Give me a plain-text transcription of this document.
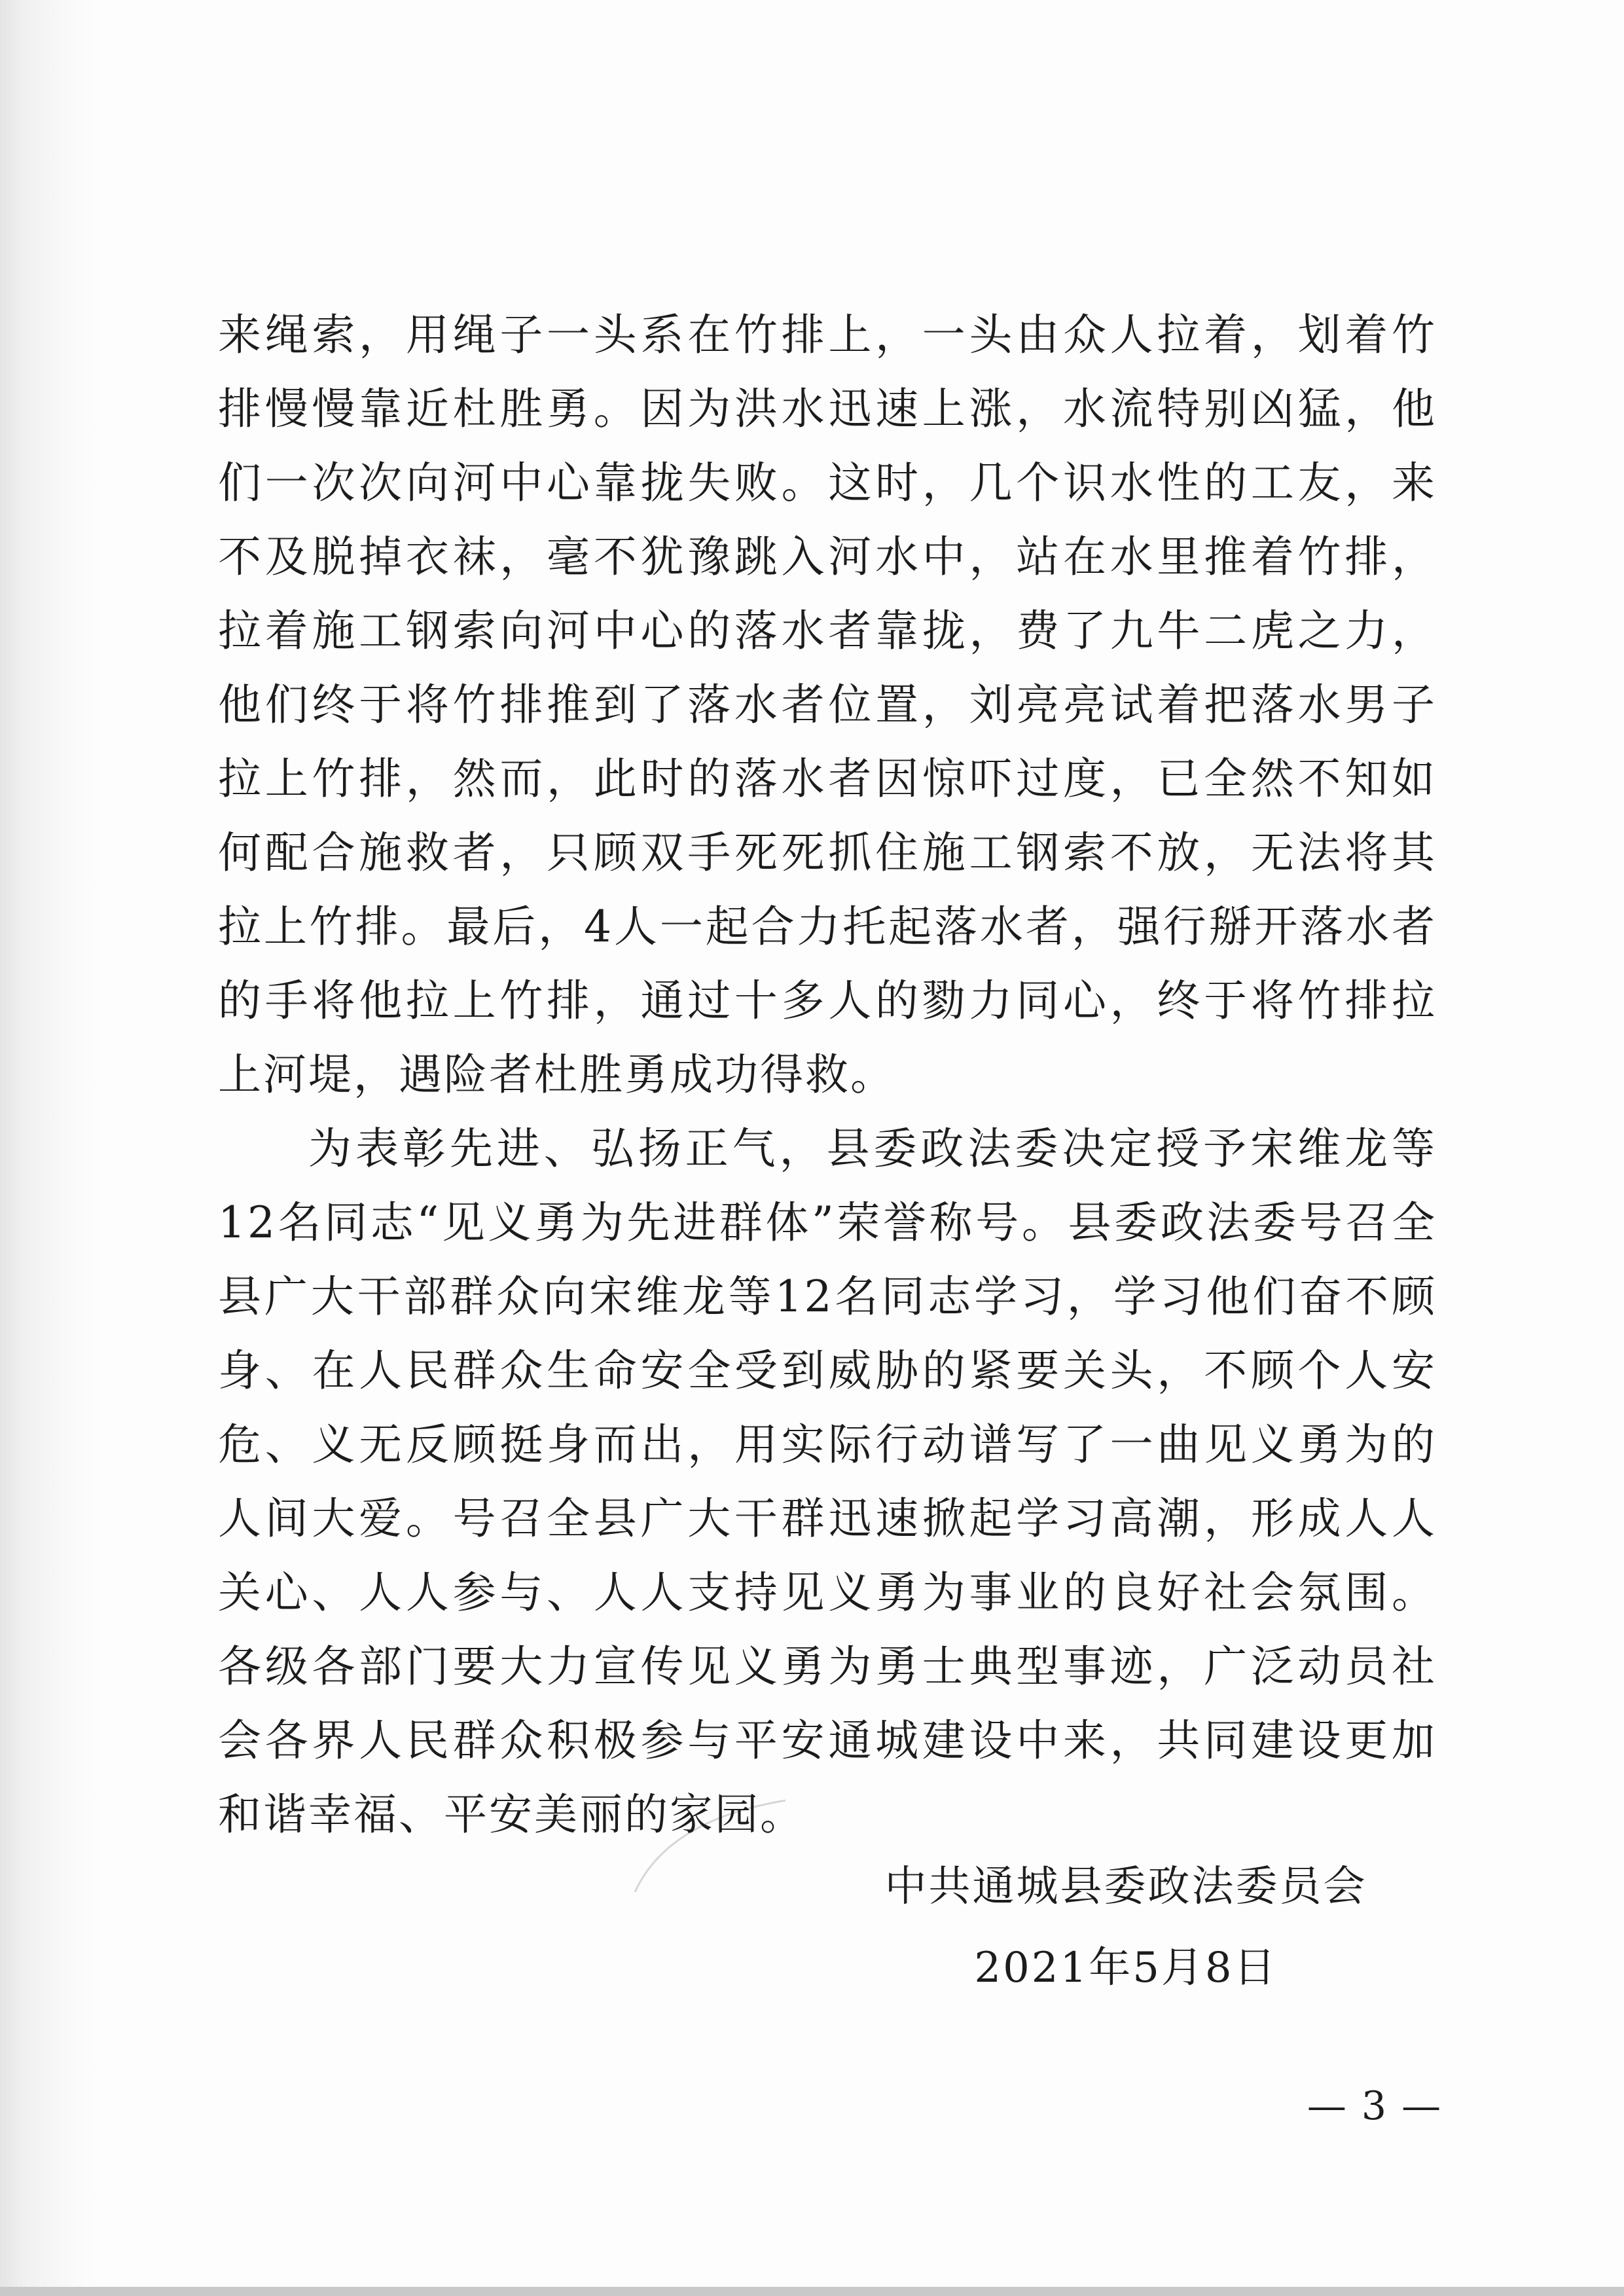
来绳索，用绳子一头系在竹排上，一头由众人拉着，划着竹排慢慢靠近杜胜勇。因为洪水迅速上涨，水流特别凶猛，他们一次次向河中心靠拢失败。这时，几个识水性的工友，来不及脱掉衣袜，毫不犹豫跳入河水中，站在水里推着竹排，拉着施工钢索向河中心的落水者靠拢，费了九牛二虎之力，他们终于将竹排推到了落水者位置，刘亮亮试着把落水男子拉上竹排，然而，此时的落水者因惊吓过度，已全然不知如何配合施救者，只顾双手死死抓住施工钢索不放，无法将其拉上竹排。最后，4人一起合力托起落水者，强行掰开落水者的手将他拉上竹排，通过十多人的勠力同心，终于将竹排拉上河堤，遇险者杜胜勇成功得救。

为表彰先进、弘扬正气，县委政法委决定授予宋维龙等12名同志“见义勇为先进群体”荣誉称号。县委政法委号召全县广大干部群众向宋维龙等12名同志学习，学习他们奋不顾身、在人民群众生命安全受到威胁的紧要关头，不顾个人安危、义无反顾挺身而出，用实际行动谱写了一曲见义勇为的人间大爱。号召全县广大干群迅速掀起学习高潮，形成人人关心、人人参与、人人支持见义勇为事业的良好社会氛围。各级各部门要大力宣传见义勇为勇士典型事迹，广泛动员社会各界人民群众积极参与平安通城建设中来，共同建设更加和谐幸福、平安美丽的家园。

中共通城县委政法委员会
2021年5月8日
— 3 —
